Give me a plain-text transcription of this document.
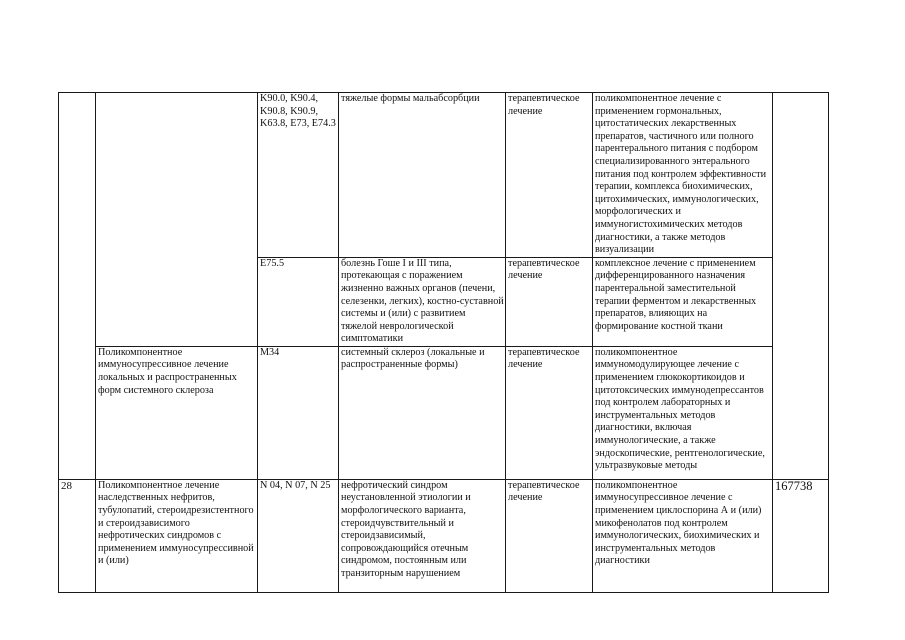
		K90.0, K90.4, K90.8, K90.9, K63.8, E73, E74.3	тяжелые формы мальабсорбции	терапевтическое лечение	поликомпонентное лечение с применением гормональных, цитостатических лекарственных препаратов, частичного или полного парентерального питания с подбором специализированного энтерального питания под контролем эффективности терапии, комплекса биохимических, цитохимических, иммунологических, морфологических и иммуногистохимических методов диагностики, а также методов визуализации	
		E75.5	болезнь Гоше I и III типа, протекающая с поражением жизненно важных органов (печени, селезенки, легких), костно-суставной системы и (или) с развитием тяжелой неврологической симптоматики	терапевтическое лечение	комплексное лечение с применением дифференцированного назначения парентеральной заместительной терапии ферментом и лекарственных препаратов, влияющих на формирование костной ткани	
	Поликомпонентное иммуносупрессивное лечение локальных и распространенных форм системного склероза	M34	системный склероз (локальные и распространенные формы)	терапевтическое лечение	поликомпонентное иммуномодулирующее лечение с применением глюкокортикоидов и цитотоксических иммунодепрессантов под контролем лабораторных и инструментальных методов диагностики, включая иммунологические, а также эндоскопические, рентгенологические, ультразвуковые методы	
28	Поликомпонентное лечение наследственных нефритов, тубулопатий, стероидрезистентного и стероидзависимого нефротических синдромов с применением иммуносупрессивной и (или)	N 04, N 07, N 25	нефротический синдром неустановленной этиологии и морфологического варианта, стероидчувствительный и стероидзависимый, сопровождающийся отечным синдромом, постоянным или транзиторным нарушением	терапевтическое лечение	поликомпонентное иммуносупрессивное лечение с применением циклоспорина А и (или) микофенолатов под контролем иммунологических, биохимических и инструментальных методов диагностики	167738
